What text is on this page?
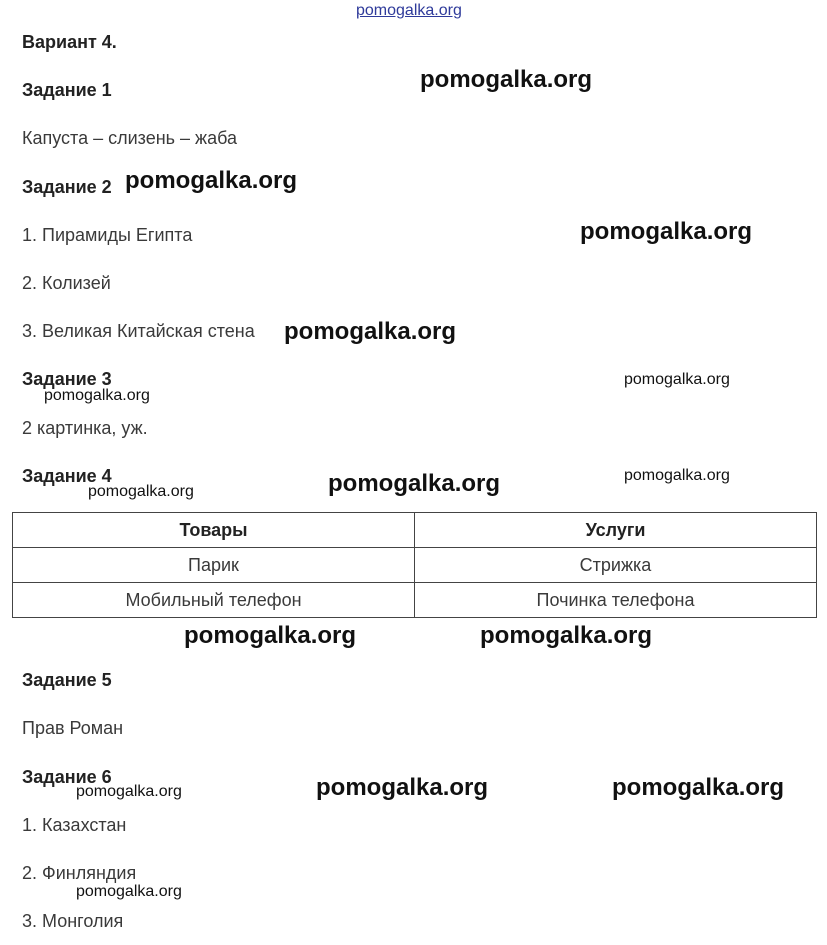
pomogalka.org
Вариант 4.
Задание 1
Капуста – слизень – жаба
Задание 2
1. Пирамиды Египта
2. Колизей
3. Великая Китайская стена
Задание 3
2 картинка, уж.
Задание 4
Товары	Услуги
Парик	Стрижка
Мобильный телефон	Починка телефона
Задание 5
Прав Роман
Задание 6
1. Казахстан
2. Финляндия
3. Монголия
pomogalka.org
pomogalka.org
pomogalka.org
pomogalka.org
pomogalka.org
pomogalka.org
pomogalka.org
pomogalka.org
pomogalka.org
pomogalka.org	pomogalka.org
pomogalka.org	pomogalka.org	pomogalka.org
pomogalka.org
